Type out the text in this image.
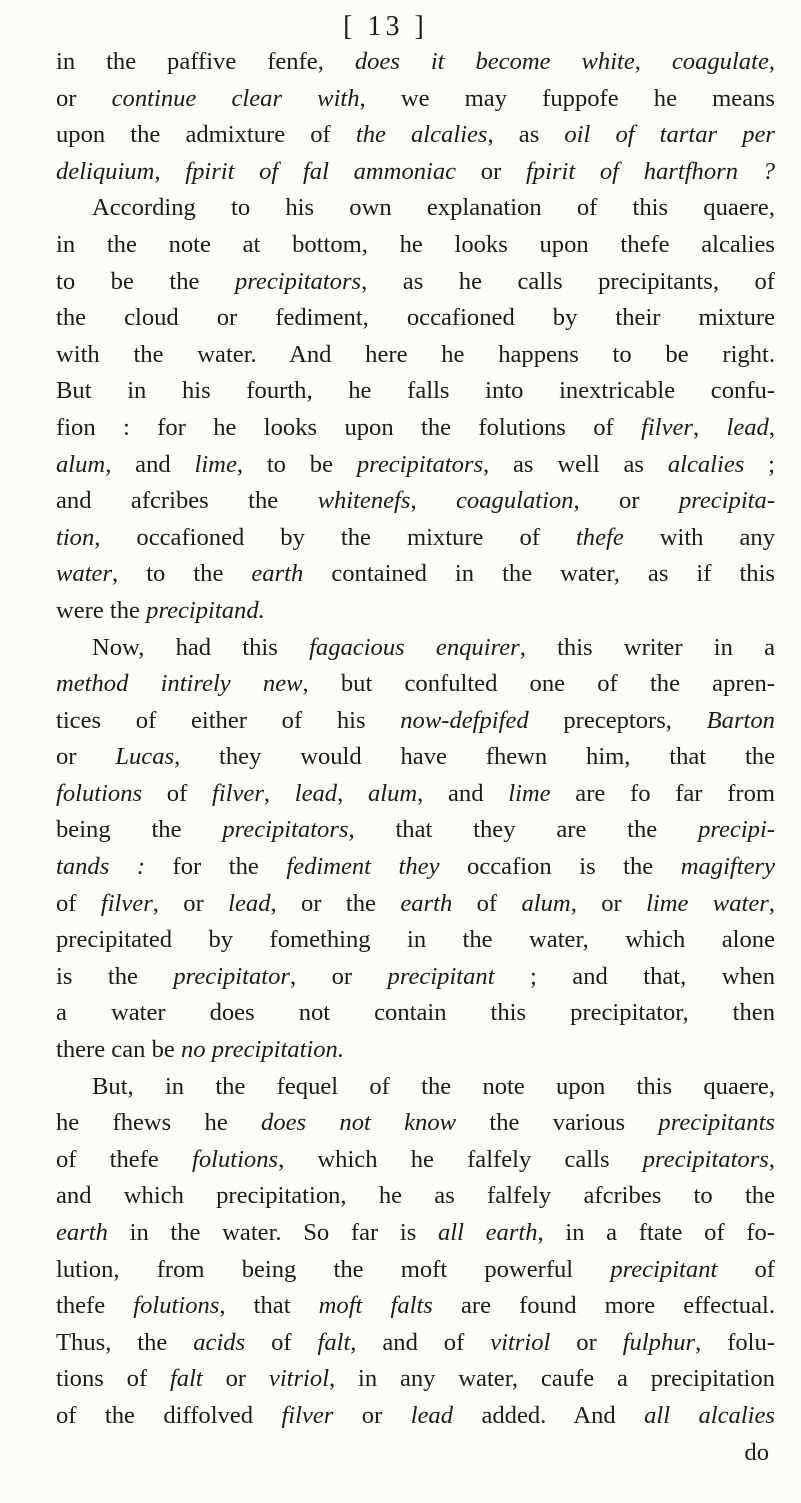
[ 13 ]
in the paffive fenfe, does it become white, coagulate,
or continue clear with, we may fuppofe he means
upon the admixture of the alcalies, as oil of tartar per
deliquium, fpirit of fal ammoniac or fpirit of hartfhorn ?
According to his own explanation of this quaere,
in the note at bottom, he looks upon thefe alcalies
to be the precipitators, as he calls precipitants, of
the cloud or fediment, occafioned by their mixture
with the water. And here he happens to be right.
But in his fourth, he falls into inextricable confu-
fion : for he looks upon the folutions of filver, lead,
alum, and lime, to be precipitators, as well as alcalies ;
and afcribes the whitenefs, coagulation, or precipita-
tion, occafioned by the mixture of thefe with any
water, to the earth contained in the water, as if this
were the precipitand.
Now, had this fagacious enquirer, this writer in a
method intirely new, but confulted one of the apren-
tices of either of his now-defpifed preceptors, Barton
or Lucas, they would have fhewn him, that the
folutions of filver, lead, alum, and lime are fo far from
being the precipitators, that they are the precipi-
tands : for the fediment they occafion is the magiftery
of filver, or lead, or the earth of alum, or lime water,
precipitated by fomething in the water, which alone
is the precipitator, or precipitant ; and that, when
a water does not contain this precipitator, then
there can be no precipitation.
But, in the fequel of the note upon this quaere,
he fhews he does not know the various precipitants
of thefe folutions, which he falfely calls precipitators,
and which precipitation, he as falfely afcribes to the
earth in the water. So far is all earth, in a ftate of fo-
lution, from being the moft powerful precipitant of
thefe folutions, that moft falts are found more effectual.
Thus, the acids of falt, and of vitriol or fulphur, folu-
tions of falt or vitriol, in any water, caufe a precipitation
of the diffolved filver or lead added. And all alcalies
do
